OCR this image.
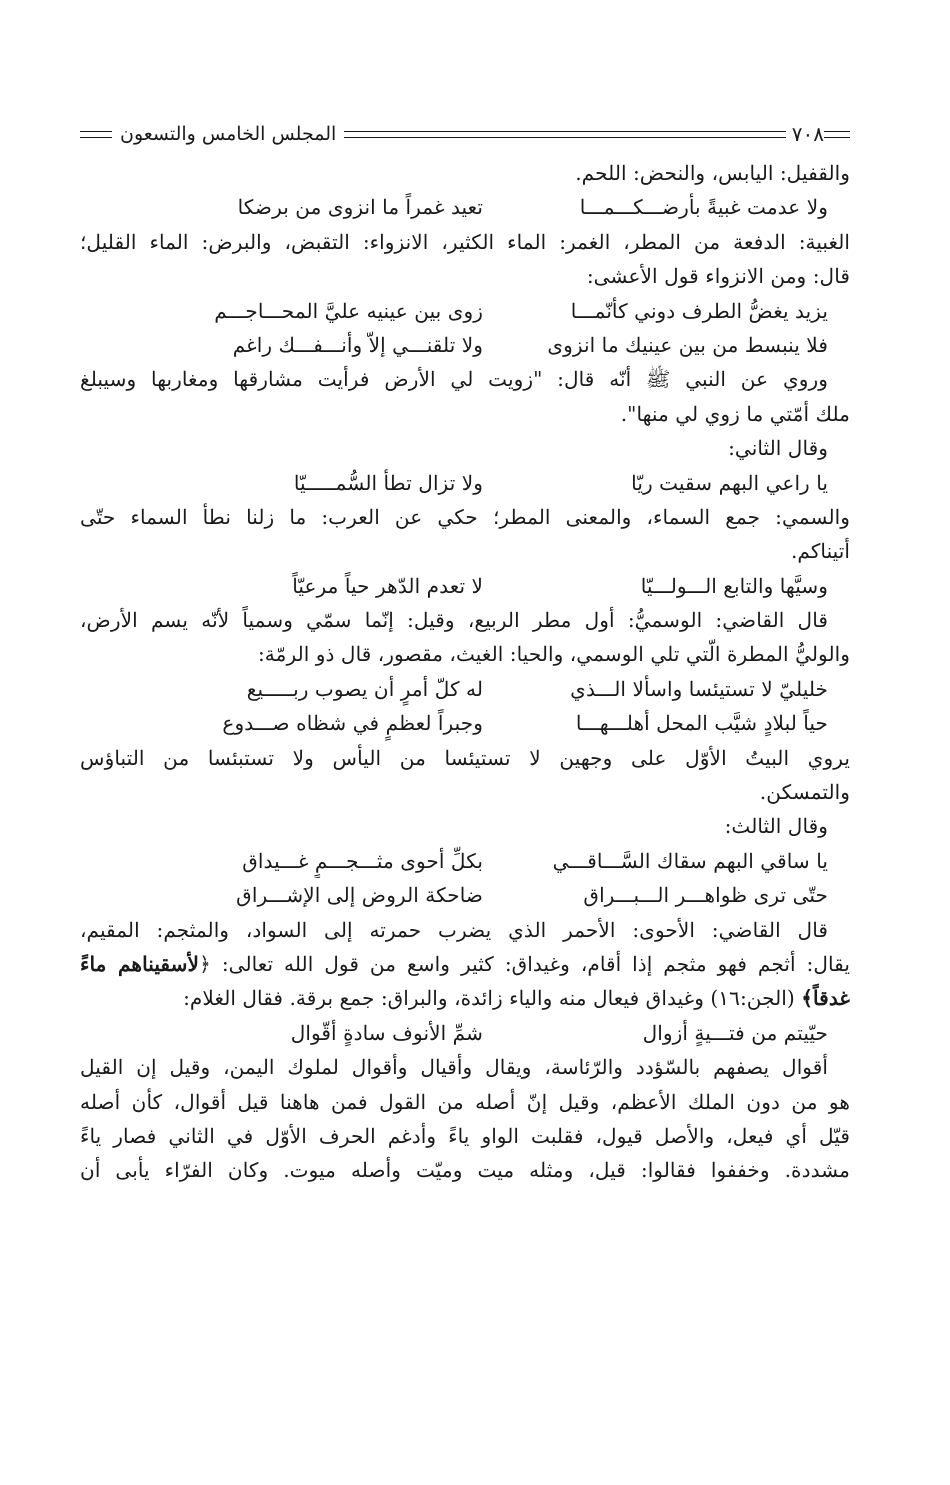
٧٠٨
المجلس الخامس والتسعون
والقفيل: اليابس، والنحض: اللحم.
ولا عدمت غبيةً بأرضـــكـــمـــا
تعيد غمراً ما انزوى من برضكا
الغبية: الدفعة من المطر، الغمر: الماء الكثير، الانزواء: التقبض، والبرض: الماء القليل؛
قال: ومن الانزواء قول الأعشى:
يزيد يغضُّ الطرف دوني كأنّمـــا
زوى بين عينيه عليَّ المحـــاجـــم
فلا ينبسط من بين عينيك ما انزوى
ولا تلقنـــي إلاّ وأنـــفـــك راغم
وروي عن النبي ﷺ أنّه قال: "زويت لي الأرض فرأيت مشارقها ومغاربها وسيبلغ
ملك أمّتي ما زوي لي منها".
وقال الثاني:
يا راعي البهم سقيت ريّا
ولا تزال تطأ السُّمـــــيّا
والسمي: جمع السماء، والمعنى المطر؛ حكي عن العرب: ما زلنا نطأ السماء حتّى
أتيناكم.
وسيَّها والتابع الـــولـــيّا
لا تعدم الدّهر حياً مرعيّاً
قال القاضي: الوسميُّ: أول مطر الربيع، وقيل: إنّما سمّي وسمياً لأنّه يسم الأرض،
والوليُّ المطرة الّتي تلي الوسمي، والحيا: الغيث، مقصور، قال ذو الرمّة:
خليليّ لا تستيئسا واسألا الـــذي
له كلّ أمرٍ أن يصوب ربـــــيع
حياً لبلادٍ شيَّب المحل أهلـــهـــا
وجبراً لعظمٍ في شظاه صـــدوع
يروي البيتُ الأوّل على وجهين لا تستيئسا من اليأس ولا تستبئسا من التباؤس
والتمسكن.
وقال الثالث:
يا ساقي البهم سقاك السَّـــاقـــي
بكلِّ أحوى مثـــجـــمٍ غـــيداق
حتّى ترى ظواهـــر الـــبـــراق
ضاحكة الروض إلى الإشـــراق
قال القاضي: الأحوى: الأحمر الذي يضرب حمرته إلى السواد، والمثجم: المقيم،
يقال: أثجم فهو مثجم إذا أقام، وغيداق: كثير واسع من قول الله تعالى: ﴿لأسقيناهم ماءً
غدقاً﴾ (الجن:١٦) وغيداق فيعال منه والياء زائدة، والبراق: جمع برقة. فقال الغلام:
حيّيتم من فتـــيةٍ أزوال
شمِّ الأنوف سادةٍ أقّوال
أقوال يصفهم بالسّؤدد والرّئاسة، ويقال وأقيال وأقوال لملوك اليمن، وقيل إن القيل
هو من دون الملك الأعظم، وقيل إنّ أصله من القول فمن هاهنا قيل أقوال، كأن أصله
قيّل أي فيعل، والأصل قيول، فقلبت الواو ياءً وأدغم الحرف الأوّل في الثاني فصار ياءً
مشددة. وخففوا فقالوا: قيل، ومثله ميت وميّت وأصله ميوت. وكان الفرّاء يأبى أن
